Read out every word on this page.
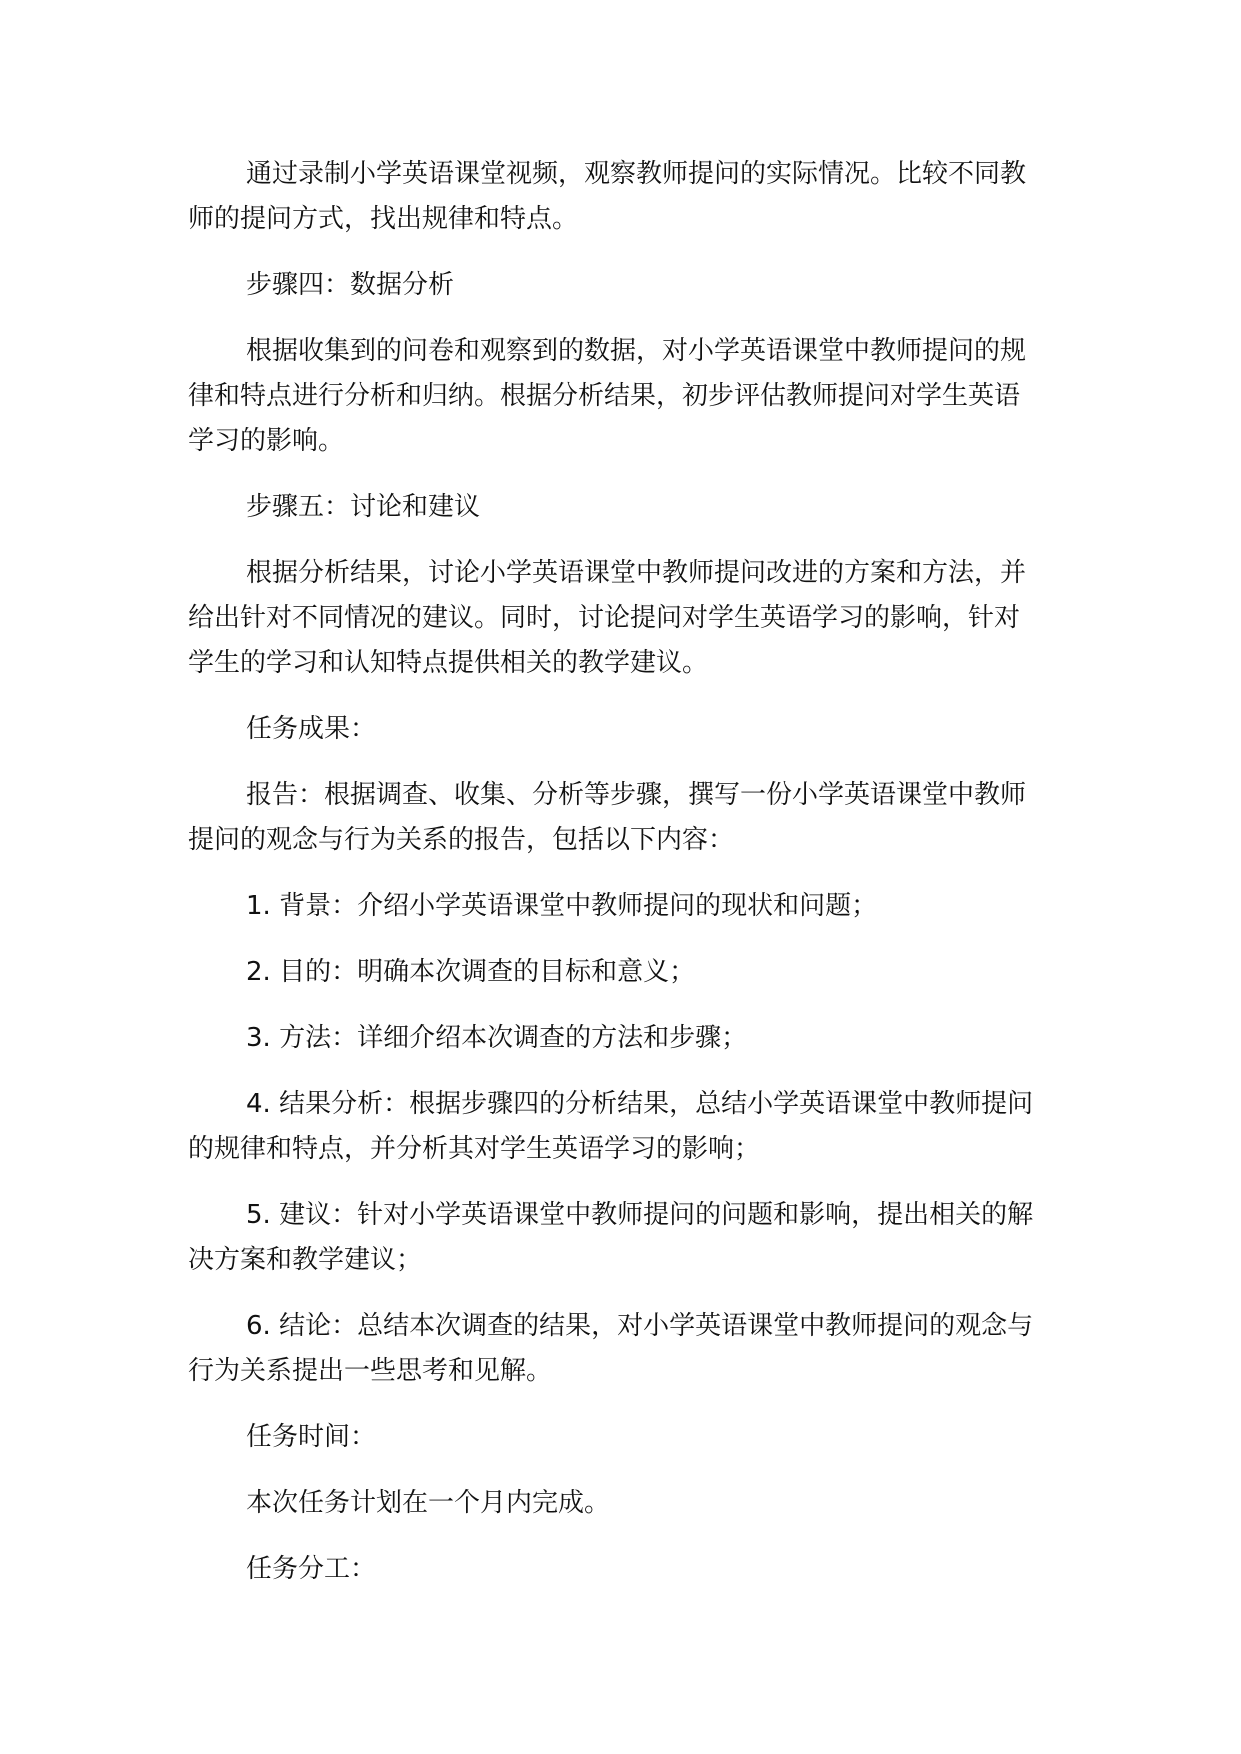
通过录制小学英语课堂视频，观察教师提问的实际情况。比较不同教师的提问方式，找出规律和特点。

步骤四：数据分析

根据收集到的问卷和观察到的数据，对小学英语课堂中教师提问的规律和特点进行分析和归纳。根据分析结果，初步评估教师提问对学生英语学习的影响。

步骤五：讨论和建议

根据分析结果，讨论小学英语课堂中教师提问改进的方案和方法，并给出针对不同情况的建议。同时，讨论提问对学生英语学习的影响，针对学生的学习和认知特点提供相关的教学建议。

任务成果：

报告：根据调查、收集、分析等步骤，撰写一份小学英语课堂中教师提问的观念与行为关系的报告，包括以下内容：

1. 背景：介绍小学英语课堂中教师提问的现状和问题；

2. 目的：明确本次调查的目标和意义；

3. 方法：详细介绍本次调查的方法和步骤；

4. 结果分析：根据步骤四的分析结果，总结小学英语课堂中教师提问的规律和特点，并分析其对学生英语学习的影响；

5. 建议：针对小学英语课堂中教师提问的问题和影响，提出相关的解决方案和教学建议；

6. 结论：总结本次调查的结果，对小学英语课堂中教师提问的观念与行为关系提出一些思考和见解。

任务时间：

本次任务计划在一个月内完成。

任务分工：
